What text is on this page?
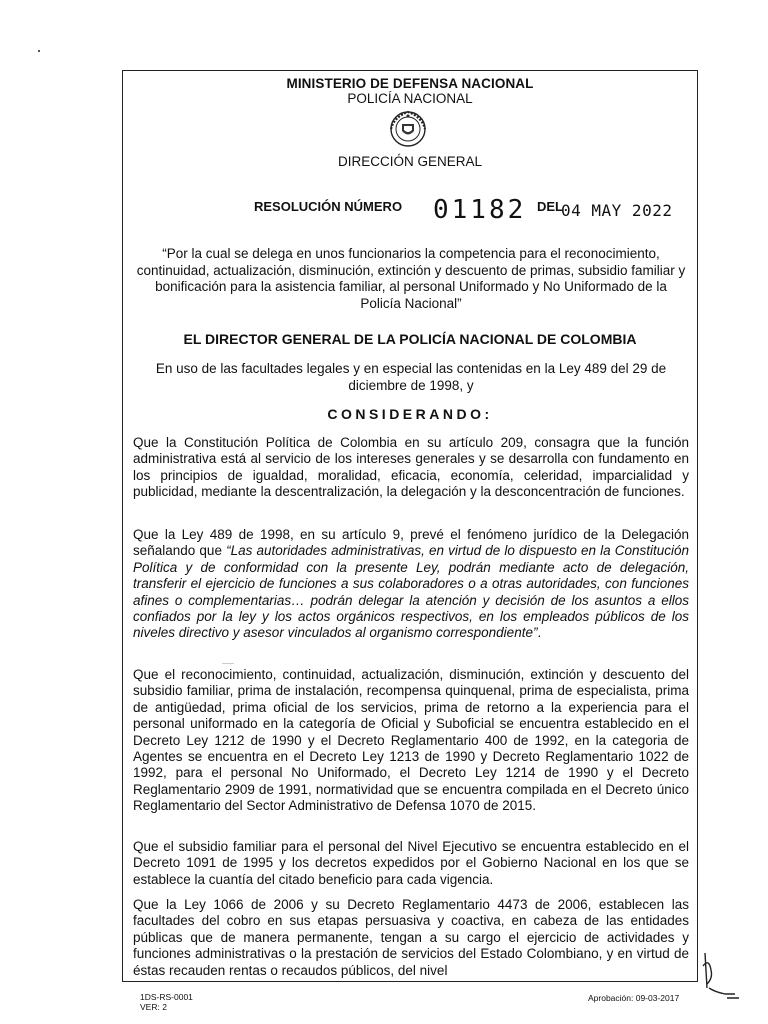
MINISTERIO DE DEFENSA NACIONAL
POLICÍA NACIONAL
DIRECCIÓN GENERAL
RESOLUCIÓN NÚMERO 01182 DEL
04 MAY 2022
“Por la cual se delega en unos funcionarios la competencia para el reconocimiento, continuidad, actualización, disminución, extinción y descuento de primas, subsidio familiar y bonificación para la asistencia familiar, al personal Uniformado y No Uniformado de la Policía Nacional”
EL DIRECTOR GENERAL DE LA POLICÍA NACIONAL DE COLOMBIA
En uso de las facultades legales y en especial las contenidas en la Ley 489 del 29 de diciembre de 1998, y
CONSIDERANDO:
Que la Constitución Política de Colombia en su artículo 209, consagra que la función administrativa está al servicio de los intereses generales y se desarrolla con fundamento en los principios de igualdad, moralidad, eficacia, economía, celeridad, imparcialidad y publicidad, mediante la descentralización, la delegación y la desconcentración de funciones.
Que la Ley 489 de 1998, en su artículo 9, prevé el fenómeno jurídico de la Delegación señalando que “Las autoridades administrativas, en virtud de lo dispuesto en la Constitución Política y de conformidad con la presente Ley, podrán mediante acto de delegación, transferir el ejercicio de funciones a sus colaboradores o a otras autoridades, con funciones afines o complementarias… podrán delegar la atención y decisión de los asuntos a ellos confiados por la ley y los actos orgánicos respectivos, en los empleados públicos de los niveles directivo y asesor vinculados al organismo correspondiente”.
Que el reconocimiento, continuidad, actualización, disminución, extinción y descuento del subsidio familiar, prima de instalación, recompensa quinquenal, prima de especialista, prima de antigüedad, prima oficial de los servicios, prima de retorno a la experiencia para el personal uniformado en la categoría de Oficial y Suboficial se encuentra establecido en el Decreto Ley 1212 de 1990 y el Decreto Reglamentario 400 de 1992, en la categoria de Agentes se encuentra en el Decreto Ley 1213 de 1990 y Decreto Reglamentario 1022 de 1992, para el personal No Uniformado, el Decreto Ley 1214 de 1990 y el Decreto Reglamentario 2909 de 1991, normatividad que se encuentra compilada en el Decreto único Reglamentario del Sector Administrativo de Defensa 1070 de 2015.
Que el subsidio familiar para el personal del Nivel Ejecutivo se encuentra establecido en el Decreto 1091 de 1995 y los decretos expedidos por el Gobierno Nacional en los que se establece la cuantía del citado beneficio para cada vigencia.
Que la Ley 1066 de 2006 y su Decreto Reglamentario 4473 de 2006, establecen las facultades del cobro en sus etapas persuasiva y coactiva, en cabeza de las entidades públicas que de manera permanente, tengan a su cargo el ejercicio de actividades y funciones administrativas o la prestación de servicios del Estado Colombiano, y en virtud de éstas recauden rentas o recaudos públicos, del nivel
1DS-RS-0001
VER: 2
Aprobación: 09-03-2017
